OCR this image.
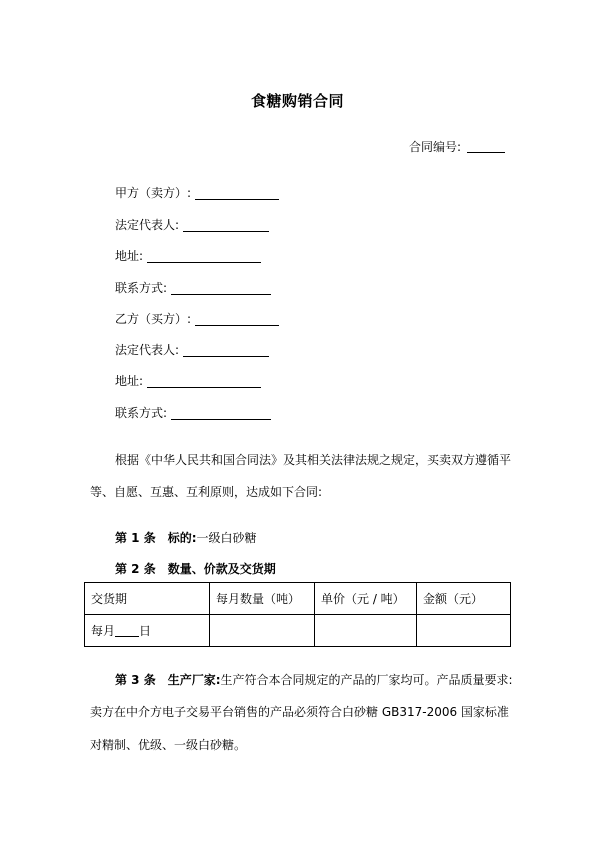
食糖购销合同
合同编号:
甲方（卖方）:
法定代表人:
地址:
联系方式:
乙方（买方）:
法定代表人:
地址:
联系方式:
根据《中华人民共和国合同法》及其相关法律法规之规定，买卖双方遵循平
等、自愿、互惠、互利原则，达成如下合同:
第 1 条　标的:一级白砂糖
第 2 条　数量、价款及交货期
交货期	每月数量（吨）	单价（元 / 吨）	金额（元）
每月 日			
第 3 条　生产厂家:生产符合本合同规定的产品的厂家均可。产品质量要求:
卖方在中介方电子交易平台销售的产品必须符合白砂糖 GB317-2006 国家标准
对精制、优级、一级白砂糖。
